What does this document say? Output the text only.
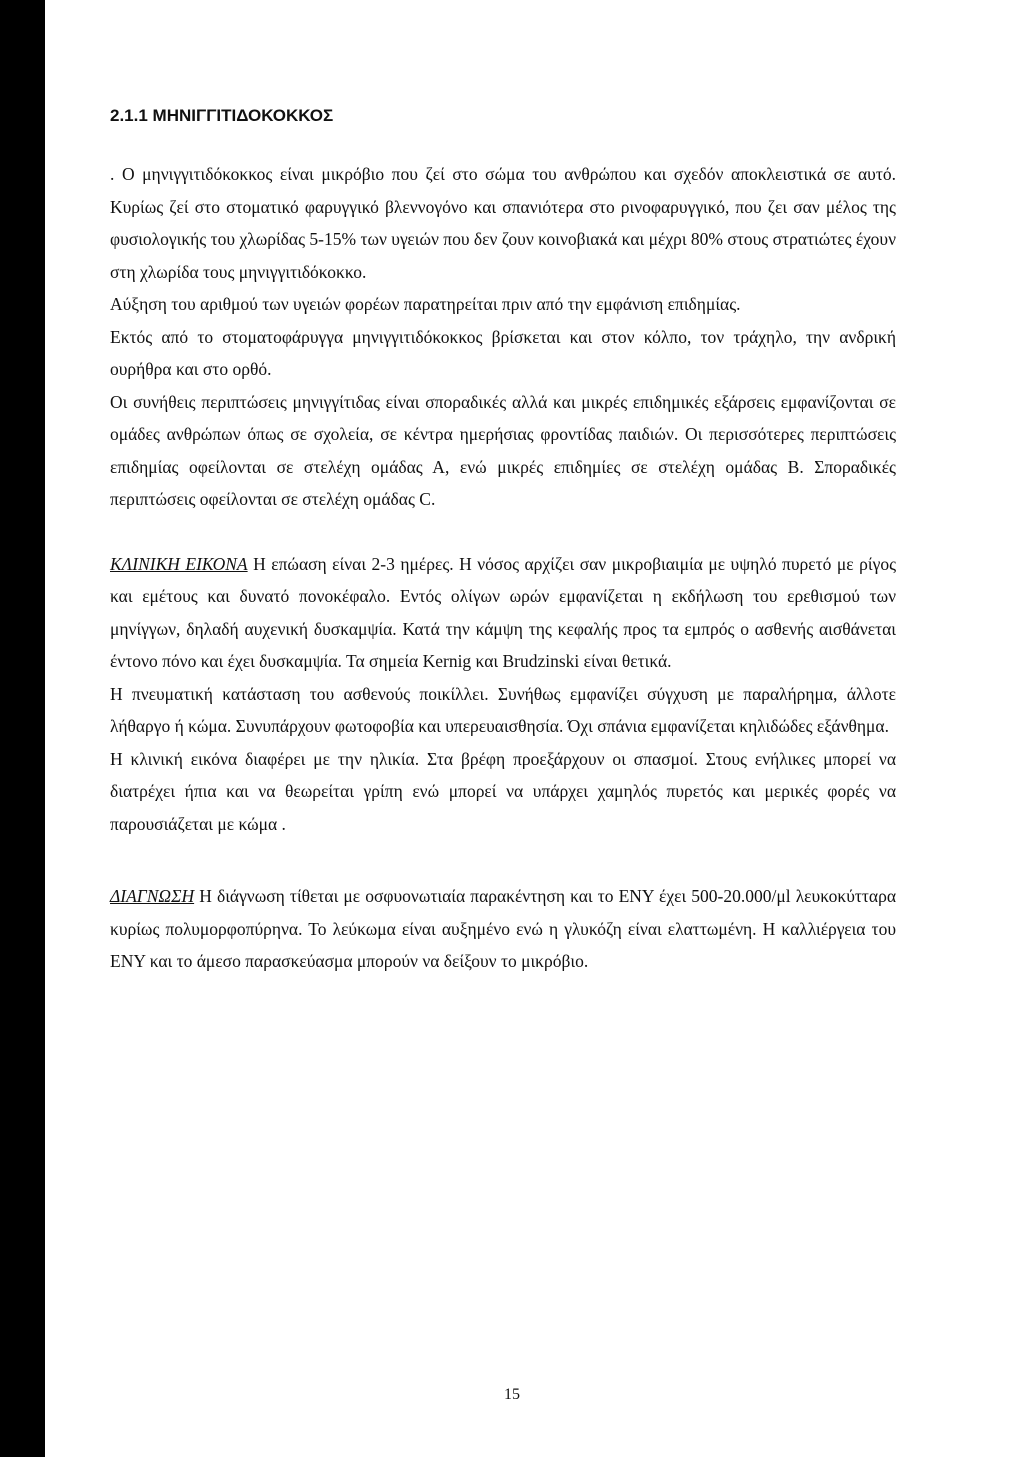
2.1.1 ΜΗΝΙΓΓΙΤΙΔΟΚΟΚΚΟΣ

. Ο μηνιγγιτιδόκοκκος είναι μικρόβιο που ζεί στο σώμα του ανθρώπου και σχεδόν αποκλειστικά σε αυτό. Κυρίως ζεί στο στοματικό φαρυγγικό βλεννογόνο και σπανιότερα στο ρινοφαρυγγικό, που ζει σαν μέλος της φυσιολογικής του χλωρίδας 5-15% των υγειών που δεν ζουν κοινοβιακά και μέχρι 80% στους στρατιώτες έχουν στη χλωρίδα τους μηνιγγιτιδόκοκκο.

Αύξηση του αριθμού των υγειών φορέων παρατηρείται πριν από την εμφάνιση επιδημίας.

Εκτός από το στοματοφάρυγγα μηνιγγιτιδόκοκκος βρίσκεται και στον κόλπο, τον τράχηλο, την ανδρική ουρήθρα και στο ορθό.

Οι συνήθεις περιπτώσεις μηνιγγίτιδας είναι σποραδικές αλλά και μικρές επιδημικές εξάρσεις εμφανίζονται σε ομάδες ανθρώπων όπως σε σχολεία, σε κέντρα ημερήσιας φροντίδας παιδιών. Οι περισσότερες περιπτώσεις επιδημίας οφείλονται σε στελέχη ομάδας Α, ενώ μικρές επιδημίες σε στελέχη ομάδας Β. Σποραδικές περιπτώσεις οφείλονται σε στελέχη ομάδας C.

ΚΛΙΝΙΚΗ ΕΙΚΟΝΑ Η επώαση είναι 2-3 ημέρες. Η νόσος αρχίζει σαν μικροβιαιμία με υψηλό πυρετό με ρίγος και εμέτους και δυνατό πονοκέφαλο. Εντός ολίγων ωρών εμφανίζεται η εκδήλωση του ερεθισμού των μηνίγγων, δηλαδή αυχενική δυσκαμψία. Κατά την κάμψη της κεφαλής προς τα εμπρός ο ασθενής αισθάνεται έντονο πόνο και έχει δυσκαμψία. Τα σημεία Kernig και Brudzinski είναι θετικά.

Η πνευματική κατάσταση του ασθενούς ποικίλλει. Συνήθως εμφανίζει σύγχυση με παραλήρημα, άλλοτε λήθαργο ή κώμα. Συνυπάρχουν φωτοφοβία και υπερευαισθησία. Όχι σπάνια εμφανίζεται κηλιδώδες εξάνθημα.

Η κλινική εικόνα διαφέρει με την ηλικία. Στα βρέφη προεξάρχουν οι σπασμοί. Στους ενήλικες μπορεί να διατρέχει ήπια και να θεωρείται γρίπη ενώ μπορεί να υπάρχει χαμηλός πυρετός και μερικές φορές να παρουσιάζεται με κώμα .

ΔΙΑΓΝΩΣΗ Η διάγνωση τίθεται με οσφυονωτιαία παρακέντηση και το ΕΝΥ έχει 500-20.000/μl λευκοκύτταρα κυρίως πολυμορφοπύρηνα. Το λεύκωμα είναι αυξημένο ενώ η γλυκόζη είναι ελαττωμένη. Η καλλιέργεια του ΕΝΥ και το άμεσο παρασκεύασμα μπορούν να δείξουν το μικρόβιο.

15
